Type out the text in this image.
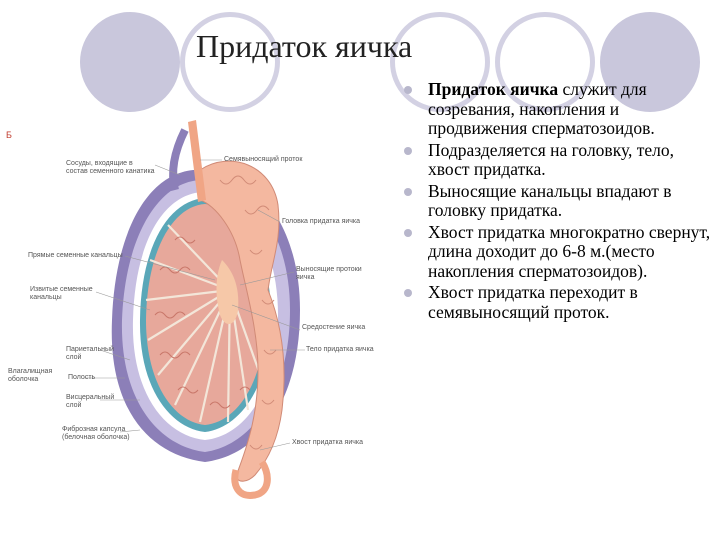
Придаток яичка
Придаток яичка служит для созревания, накопления и продвижения сперматозоидов.
Подразделяется на головку, тело, хвост придатка.
Выносящие канальцы впадают в головку придатка.
Хвост придатка многократно свернут, длина доходит до 6-8 м.(место накопления сперматозоидов).
Хвост придатка переходит в семявыносящий проток.
Б
Семявыносящий проток
Сосуды, входящие в состав семенного канатика
Головка придатка яичка
Прямые семенные канальцы
Выносящие протоки яичка
Извитые семенные канальцы
Средостение яичка
Париетальный слой
Тело придатка яичка
Влагалищная оболочка	Полость
Висцеральный слой
Фиброзная капсула (белочная оболочка)
Хвост придатка яичка
